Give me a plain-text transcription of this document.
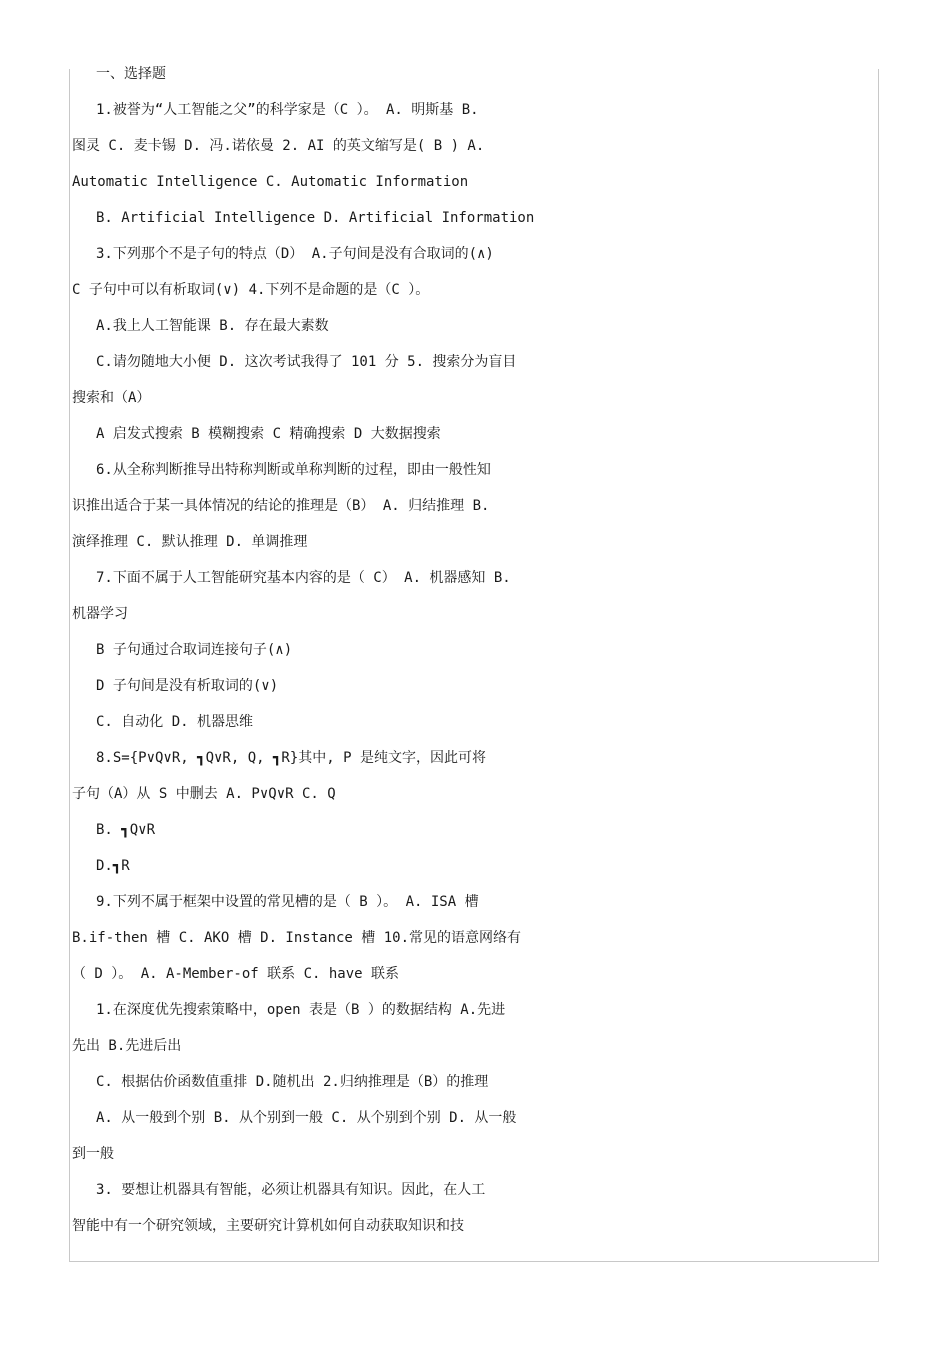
一、选择题
1.被誉为“人工智能之父”的科学家是（C ）。 A. 明斯基 B.
图灵 C. 麦卡锡 D. 冯.诺依曼 2. AI 的英文缩写是( B ) A.
Automatic Intelligence C. Automatic Information
B. Artificial Intelligence D. Artificial Information
3.下列那个不是子句的特点（D） A.子句间是没有合取词的(∧)
C 子句中可以有析取词(∨) 4.下列不是命题的是（C ）。
A.我上人工智能课 B. 存在最大素数
C.请勿随地大小便 D. 这次考试我得了 101 分 5. 搜索分为盲目
搜索和（A）
A 启发式搜索 B 模糊搜索 C 精确搜索 D 大数据搜索
6.从全称判断推导出特称判断或单称判断的过程，即由一般性知
识推出适合于某一具体情况的结论的推理是（B） A. 归结推理 B.
演绎推理 C. 默认推理 D. 单调推理
7.下面不属于人工智能研究基本内容的是（ C） A. 机器感知 B.
机器学习
B 子句通过合取词连接句子(∧)
D 子句间是没有析取词的(∨)
C. 自动化 D. 机器思维
8.S={P∨Q∨R, ┓Q∨R, Q, ┓R}其中, P 是纯文字，因此可将
子句（A）从 S 中删去 A. P∨Q∨R C. Q
B. ┓Q∨R
D.┓R
9.下列不属于框架中设置的常见槽的是（ B ）。 A. ISA 槽
B.if-then 槽 C. AKO 槽 D. Instance 槽 10.常见的语意网络有
（ D ）。 A. A-Member-of 联系 C. have 联系
1.在深度优先搜索策略中，open 表是（B ）的数据结构 A.先进
先出 B.先进后出
C. 根据估价函数值重排 D.随机出 2.归纳推理是（B）的推理
A. 从一般到个别 B. 从个别到一般 C. 从个别到个别 D. 从一般
到一般
3. 要想让机器具有智能，必须让机器具有知识。因此，在人工
智能中有一个研究领域，主要研究计算机如何自动获取知识和技
